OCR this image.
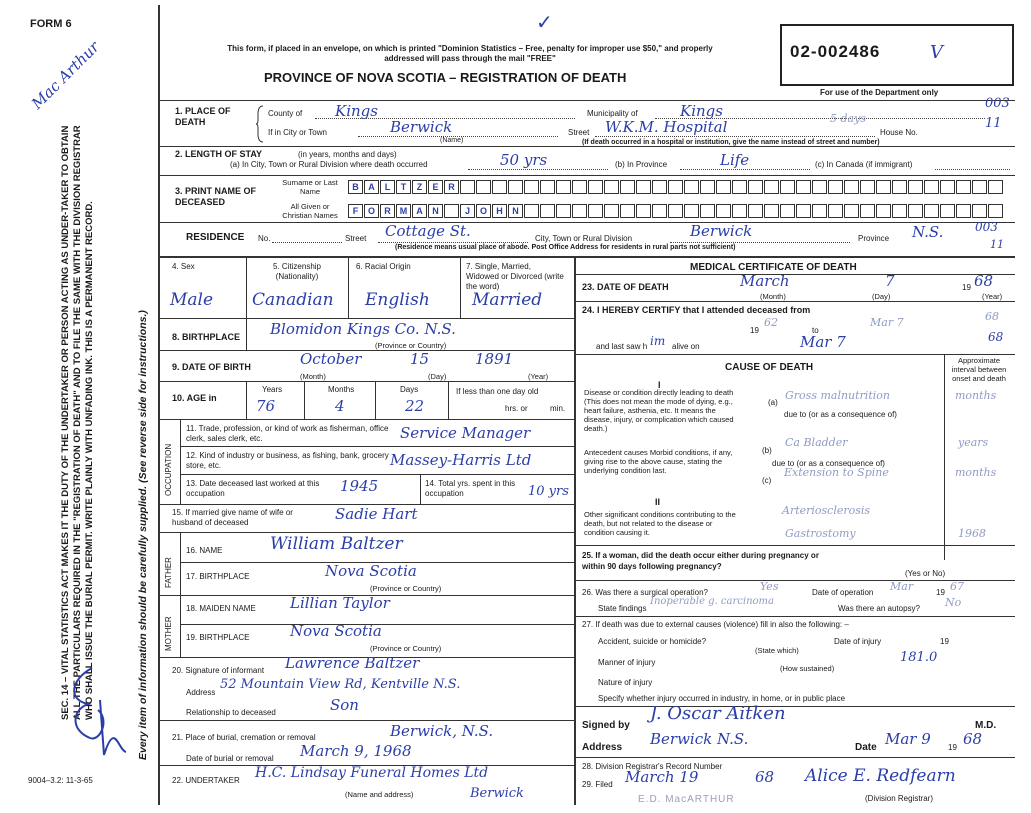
FORM 6
Mac Arthur
SEC. 14 – VITAL STATISTICS ACT MAKES IT THE DUTY OF THE UNDERTAKER OR PERSON ACTING AS UNDER-TAKER TO OBTAIN ALL THE PARTICULARS REQUIRED IN THE "REGISTRATION OF DEATH" AND TO FILE THE SAME WITH THE DIVISION REGISTRAR WHO SHALL ISSUE THE BURIAL PERMIT. WRITE PLAINLY WITH UNFADING INK. THIS IS A PERMANENT RECORD.	Every item of information should be carefully supplied. (See reverse side for instructions.)
9004–3.2: 11-3-65
✓
This form, if placed in an envelope, on which is printed "Dominion Statistics – Free, penalty for improper use $50," and properly addressed will pass through the mail "FREE"
PROVINCE OF NOVA SCOTIA – REGISTRATION OF DEATH
02-002486	V
For use of the Department only
1. PLACE OF DEATH
County of Kings	Municipality of	Kings	003
If in City or Town	Berwick
(Name)
Street W.K.M. Hospital	5 days
House No.
11
(If death occurred in a hospital or institution, give the name instead of street and number)
2. LENGTH OF STAY	(in years, months and days)
(a) In City, Town or Rural Division where death occurred	50 yrs	(b) In Province	Life	(c) In Canada (if immigrant)
3. PRINT NAME OF DECEASED
Surname or Last Name
All Given or Christian Names
B	A	L	T	Z	E	R
F	O	R	M	A	N	J	O	H	N
RESIDENCE No.	Street Cottage St.	City, Town or Rural Division	Berwick	Province N.S.	003
11
(Residence means usual place of abode. Post Office Address for residents in rural parts not sufficient)
4. Sex	5. Citizenship (Nationality)
6. Racial Origin	7. Single, Married, Widowed or Divorced (write the word)
Male Canadian English Married
8. BIRTHPLACE Blomidon Kings Co. N.S.
(Province or Country)
9. DATE OF BIRTH	October	15	1891
(Month)	(Day)	(Year)
10. AGE in
Years	Months	Days
76	4	22
If less than one day old
hrs. or	min.
OCCUPATION
11. Trade, profession, or kind of work as fisherman, office clerk, sales clerk, etc.	Service Manager
12. Kind of industry or business, as fishing, bank, grocery store, etc.	Massey-Harris Ltd
13. Date deceased last worked at this occupation	1945	14. Total yrs. spent in this occupation	10 yrs
15. If married give name of wife or husband of deceased	Sadie Hart
FATHER
16. NAME	William Baltzer
17. BIRTHPLACE	Nova Scotia
(Province or Country)
MOTHER
18. MAIDEN NAME Lillian Taylor
19. BIRTHPLACE	Nova Scotia
(Province or Country)
20. Signature of informant Lawrence Baltzer
Address
52 Mountain View Rd, Kentville N.S.
Relationship to deceased	Son
21. Place of burial, cremation or removal	Berwick, N.S.
Date of burial or removal March 9, 1968
22. UNDERTAKER H.C. Lindsay Funeral Homes Ltd
(Name and address)	Berwick
MEDICAL CERTIFICATE OF DEATH
23. DATE OF DEATH	March	7	19 68
(Month)	(Day)	(Year)
24. I HEREBY CERTIFY that I attended deceased from
19
62
to
Mar 7	68
and last saw h im alive on	Mar 7	68
CAUSE OF DEATH
Approximate interval between onset and death
I
Disease or condition directly leading to death (This does not mean the mode of dying, e.g., heart failure, asthenia, etc. It means the disease, injury, or complication which caused death.)
(a)
Gross malnutrition	months
due to (or as a consequence of)
Antecedent causes Morbid conditions, if any, giving rise to the above cause, stating the underlying condition last.
(b)
Ca Bladder	years
due to (or as a consequence of)
(c)
Extension to Spine	months
II
Other significant conditions contributing to the death, but not related to the disease or condition causing it.
Arteriosclerosis
Gastrostomy	1968
25. If a woman, did the death occur either during pregnancy or within 90 days following pregnancy?
(Yes or No)
26. Was there a surgical operation?	Yes	Date of operation Mar	19 67
State findings
Inoperable g. carcinoma
Was there an autopsy? No
27. If death was due to external causes (violence) fill in also the following: –
Accident, suicide or homicide?	Date of injury	19
(State which)
Manner of injury	181.0
(How sustained)
Nature of injury
Specify whether injury occurred in industry, in home, or in public place
Signed by
J. Oscar Aitken
M.D.
Address Berwick N.S.	Date Mar 9 19 68
28. Division Registrar's Record Number
29. Filed March 19	68 Alice E. Redfearn
(Division Registrar)
E.D. MacARTHUR
